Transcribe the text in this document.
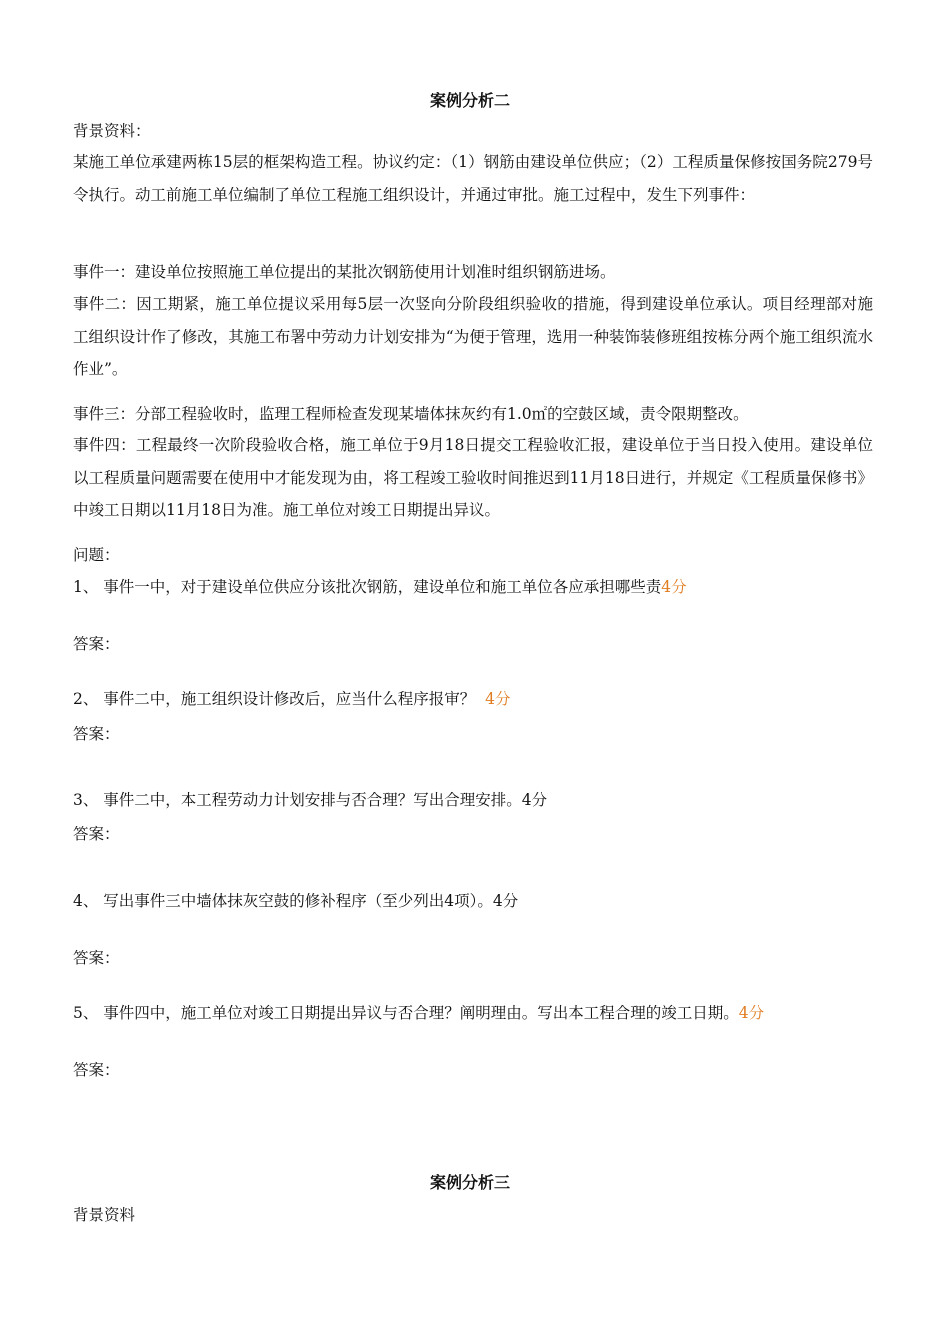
案例分析二
背景资料：
某施工单位承建两栋15层的框架构造工程。协议约定：（1）钢筋由建设单位供应；（2）工程质量保修按国务院279号令执行。动工前施工单位编制了单位工程施工组织设计，并通过审批。施工过程中，发生下列事件：
事件一：建设单位按照施工单位提出的某批次钢筋使用计划准时组织钢筋进场。
事件二：因工期紧，施工单位提议采用每5层一次竖向分阶段组织验收的措施，得到建设单位承认。项目经理部对施工组织设计作了修改，其施工布署中劳动力计划安排为“为便于管理，选用一种装饰装修班组按栋分两个施工组织流水作业”。
事件三：分部工程验收时，监理工程师检查发现某墙体抹灰约有1.0㎡的空鼓区域，责令限期整改。
事件四：工程最终一次阶段验收合格，施工单位于9月18日提交工程验收汇报，建设单位于当日投入使用。建设单位以工程质量问题需要在使用中才能发现为由，将工程竣工验收时间推迟到11月18日进行，并规定《工程质量保修书》中竣工日期以11月18日为准。施工单位对竣工日期提出异议。
问题：
1、 事件一中，对于建设单位供应分该批次钢筋，建设单位和施工单位各应承担哪些责4分
答案：
2、 事件二中，施工组织设计修改后，应当什么程序报审？  4分
答案：
3、 事件二中，本工程劳动力计划安排与否合理？写出合理安排。4分
答案：
4、 写出事件三中墙体抹灰空鼓的修补程序（至少列出4项）。4分
答案：
5、 事件四中，施工单位对竣工日期提出异议与否合理？阐明理由。写出本工程合理的竣工日期。4分
答案：
案例分析三
背景资料
